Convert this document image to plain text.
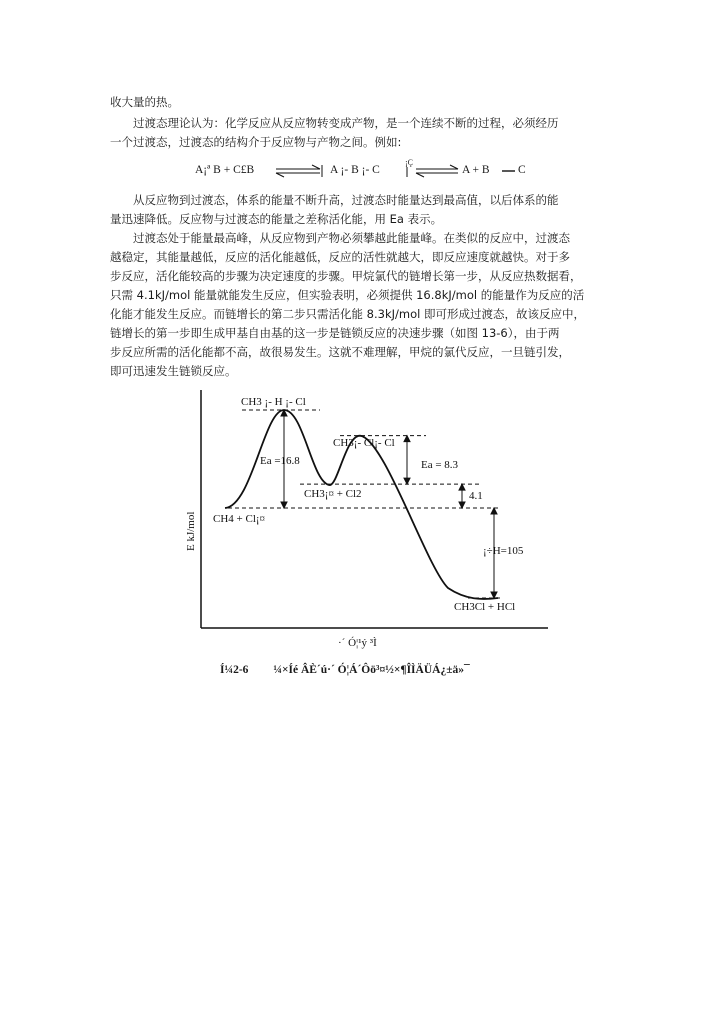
收大量的热。

过渡态理论认为：化学反应从反应物转变成产物，是一个连续不断的过程，必须经历
一个过渡态，过渡态的结构介于反应物与产物之间。例如:

A¡ª B + C£B	A ¡- B ¡- C
¡Ç
A + B C

从反应物到过渡态，体系的能量不断升高，过渡态时能量达到最高值，以后体系的能
量迅速降低。反应物与过渡态的能量之差称活化能，用 Ea 表示。

过渡态处于能量最高峰，从反应物到产物必须攀越此能量峰。在类似的反应中，过渡态
越稳定，其能量越低，反应的活化能越低，反应的活性就越大，即反应速度就越快。对于多
步反应，活化能较高的步骤为决定速度的步骤。甲烷氯代的链增长第一步，从反应热数据看，
只需 4.1kJ/mol 能量就能发生反应，但实验表明，必须提供 16.8kJ/mol 的能量作为反应的活
化能才能发生反应。而链增长的第二步只需活化能 8.3kJ/mol 即可形成过渡态，故该反应中，
链增长的第一步即生成甲基自由基的这一步是链锁反应的决速步骤（如图 13-6），由于两
步反应所需的活化能都不高，故很易发生。这就不难理解，甲烷的氯代反应，一旦链引发，
即可迅速发生链锁反应。

E kJ/mol
·´ Ó¦¹ý ³Ì
CH4 + Cl¡¤
CH3 ¡- H ¡- Cl
CH3¡- Cl¡- Cl
CH3¡¤ + Cl2
CH3Cl + HCl
Ea =16.8	Ea = 8.3
4.1
¡÷H=105
Í¼2-6 ¼×Íé ÂÈ´ú·´ Ó¦Á´Ôö³¤½×¶ÎÌÄÜÁ¿±ä»¯
